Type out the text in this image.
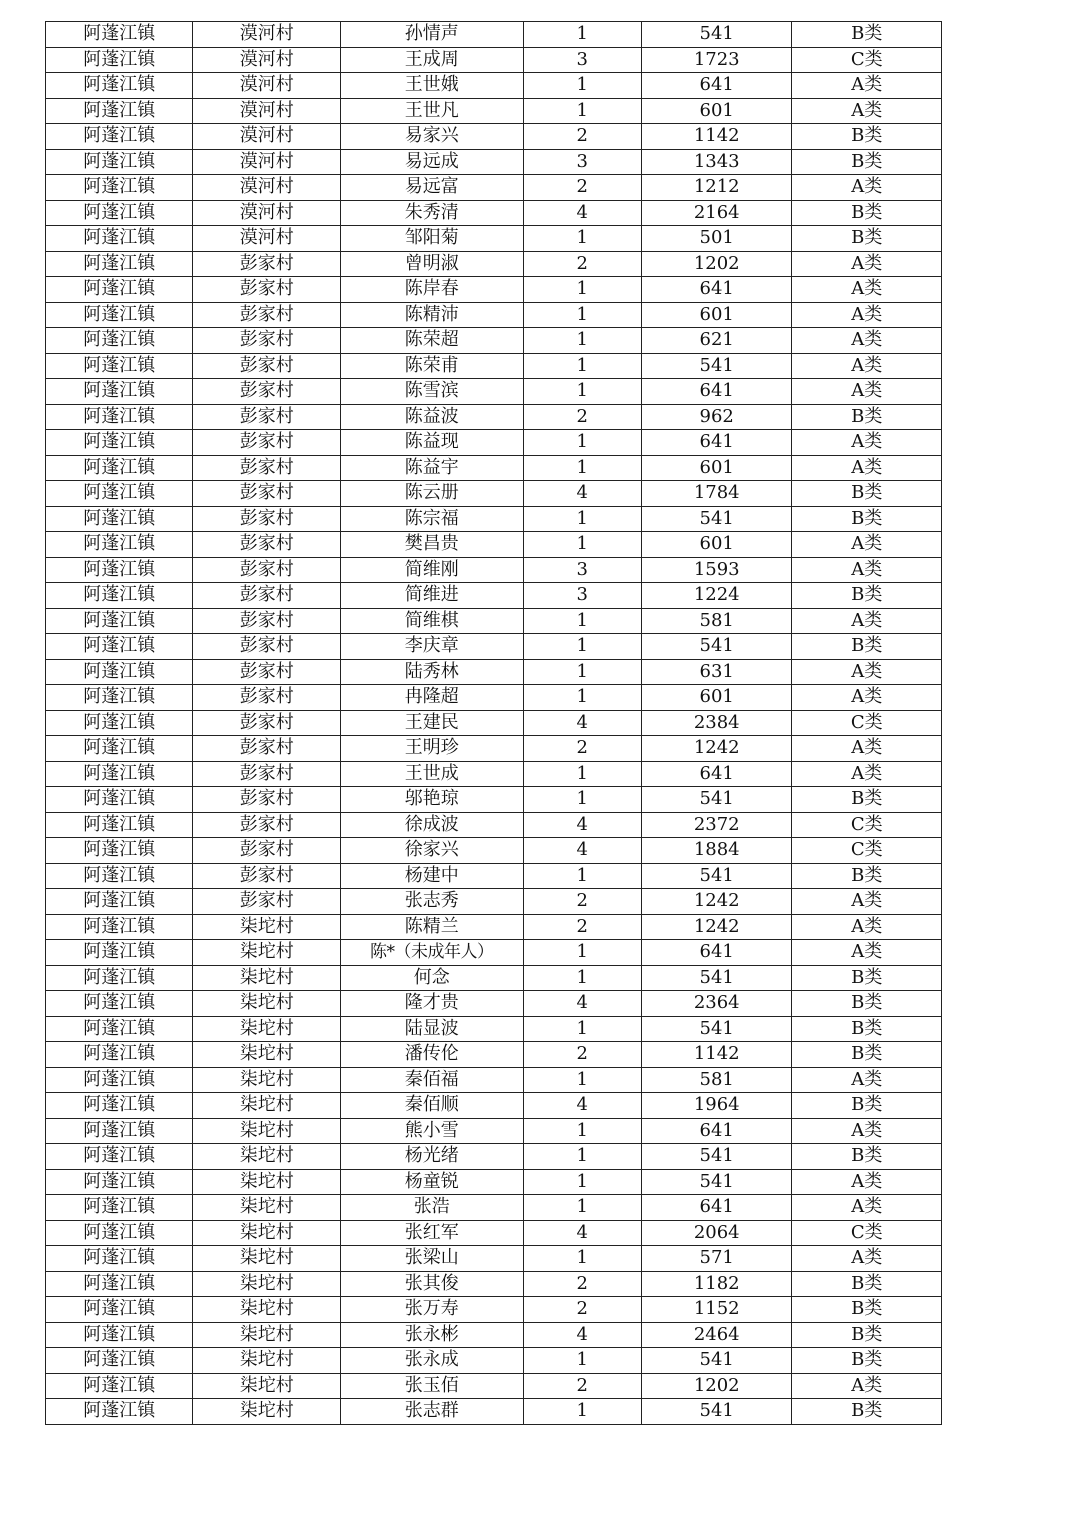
阿蓬江镇	漠河村	孙情声	1	541	B类
阿蓬江镇	漠河村	王成周	3	1723	C类
阿蓬江镇	漠河村	王世娥	1	641	A类
阿蓬江镇	漠河村	王世凡	1	601	A类
阿蓬江镇	漠河村	易家兴	2	1142	B类
阿蓬江镇	漠河村	易远成	3	1343	B类
阿蓬江镇	漠河村	易远富	2	1212	A类
阿蓬江镇	漠河村	朱秀清	4	2164	B类
阿蓬江镇	漠河村	邹阳菊	1	501	B类
阿蓬江镇	彭家村	曾明淑	2	1202	A类
阿蓬江镇	彭家村	陈岸春	1	641	A类
阿蓬江镇	彭家村	陈精沛	1	601	A类
阿蓬江镇	彭家村	陈荣超	1	621	A类
阿蓬江镇	彭家村	陈荣甫	1	541	A类
阿蓬江镇	彭家村	陈雪滨	1	641	A类
阿蓬江镇	彭家村	陈益波	2	962	B类
阿蓬江镇	彭家村	陈益现	1	641	A类
阿蓬江镇	彭家村	陈益宇	1	601	A类
阿蓬江镇	彭家村	陈云册	4	1784	B类
阿蓬江镇	彭家村	陈宗福	1	541	B类
阿蓬江镇	彭家村	樊昌贵	1	601	A类
阿蓬江镇	彭家村	简维刚	3	1593	A类
阿蓬江镇	彭家村	简维进	3	1224	B类
阿蓬江镇	彭家村	简维棋	1	581	A类
阿蓬江镇	彭家村	李庆章	1	541	B类
阿蓬江镇	彭家村	陆秀林	1	631	A类
阿蓬江镇	彭家村	冉隆超	1	601	A类
阿蓬江镇	彭家村	王建民	4	2384	C类
阿蓬江镇	彭家村	王明珍	2	1242	A类
阿蓬江镇	彭家村	王世成	1	641	A类
阿蓬江镇	彭家村	邬艳琼	1	541	B类
阿蓬江镇	彭家村	徐成波	4	2372	C类
阿蓬江镇	彭家村	徐家兴	4	1884	C类
阿蓬江镇	彭家村	杨建中	1	541	B类
阿蓬江镇	彭家村	张志秀	2	1242	A类
阿蓬江镇	柒坨村	陈精兰	2	1242	A类
阿蓬江镇	柒坨村	陈*（未成年人）	1	641	A类
阿蓬江镇	柒坨村	何念	1	541	B类
阿蓬江镇	柒坨村	隆才贵	4	2364	B类
阿蓬江镇	柒坨村	陆显波	1	541	B类
阿蓬江镇	柒坨村	潘传伦	2	1142	B类
阿蓬江镇	柒坨村	秦佰福	1	581	A类
阿蓬江镇	柒坨村	秦佰顺	4	1964	B类
阿蓬江镇	柒坨村	熊小雪	1	641	A类
阿蓬江镇	柒坨村	杨光绪	1	541	B类
阿蓬江镇	柒坨村	杨童锐	1	541	A类
阿蓬江镇	柒坨村	张浩	1	641	A类
阿蓬江镇	柒坨村	张红军	4	2064	C类
阿蓬江镇	柒坨村	张梁山	1	571	A类
阿蓬江镇	柒坨村	张其俊	2	1182	B类
阿蓬江镇	柒坨村	张万寿	2	1152	B类
阿蓬江镇	柒坨村	张永彬	4	2464	B类
阿蓬江镇	柒坨村	张永成	1	541	B类
阿蓬江镇	柒坨村	张玉佰	2	1202	A类
阿蓬江镇	柒坨村	张志群	1	541	B类
